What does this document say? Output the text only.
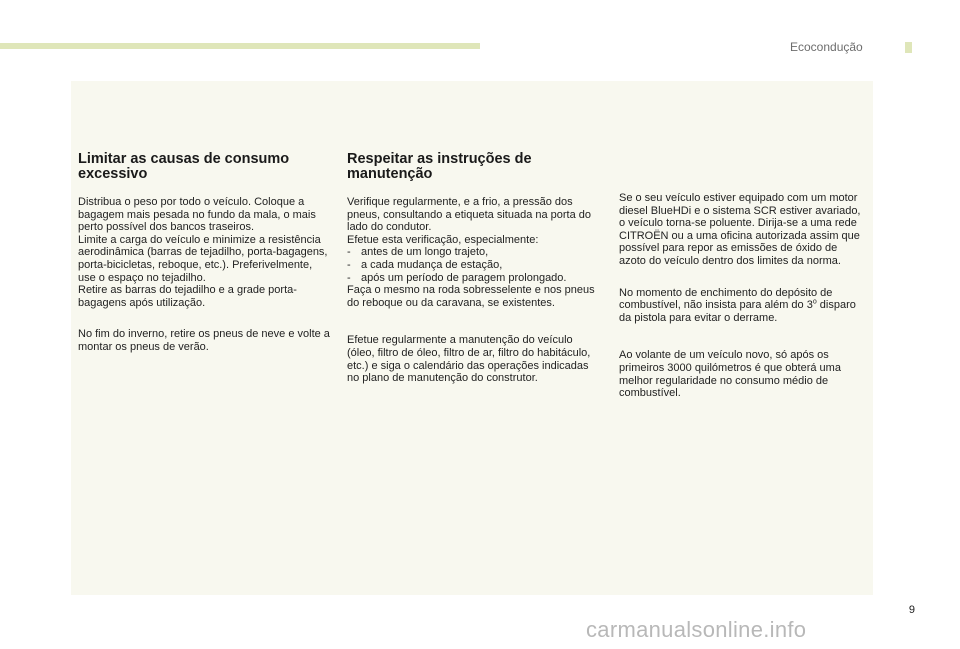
Ecocondução
Limitar as causas de consumo excessivo

Distribua o peso por todo o veículo. Coloque a bagagem mais pesada no fundo da mala, o mais perto possível dos bancos traseiros.

Limite a carga do veículo e minimize a resistência aerodinâmica (barras de tejadilho, porta-bagagens, porta-bicicletas, reboque, etc.). Preferivelmente, use o espaço no tejadilho.

Retire as barras do tejadilho e a grade porta-bagagens após utilização.

No fim do inverno, retire os pneus de neve e volte a montar os pneus de verão.

Respeitar as instruções de manutenção

Verifique regularmente, e a frio, a pressão dos pneus, consultando a etiqueta situada na porta do lado do condutor.

Efetue esta verificação, especialmente:

- antes de um longo trajeto,
- a cada mudança de estação,
- após um período de paragem prolongado.

Faça o mesmo na roda sobresselente e nos pneus do reboque ou da caravana, se existentes.

Efetue regularmente a manutenção do veículo (óleo, filtro de óleo, filtro de ar, filtro do habitáculo, etc.) e siga o calendário das operações indicadas no plano de manutenção do construtor.

Se o seu veículo estiver equipado com um motor diesel BlueHDi e o sistema SCR estiver avariado, o veículo torna-se poluente. Dirija-se a uma rede CITROËN ou a uma oficina autorizada assim que possível para repor as emissões de óxido de azoto do veículo dentro dos limites da norma.

No momento de enchimento do depósito de combustível, não insista para além do 3$^o$ disparo da pistola para evitar o derrame.

Ao volante de um veículo novo, só após os primeiros 3000 quilómetros é que obterá uma melhor regularidade no consumo médio de combustível.

9
carmanualsonline.info
